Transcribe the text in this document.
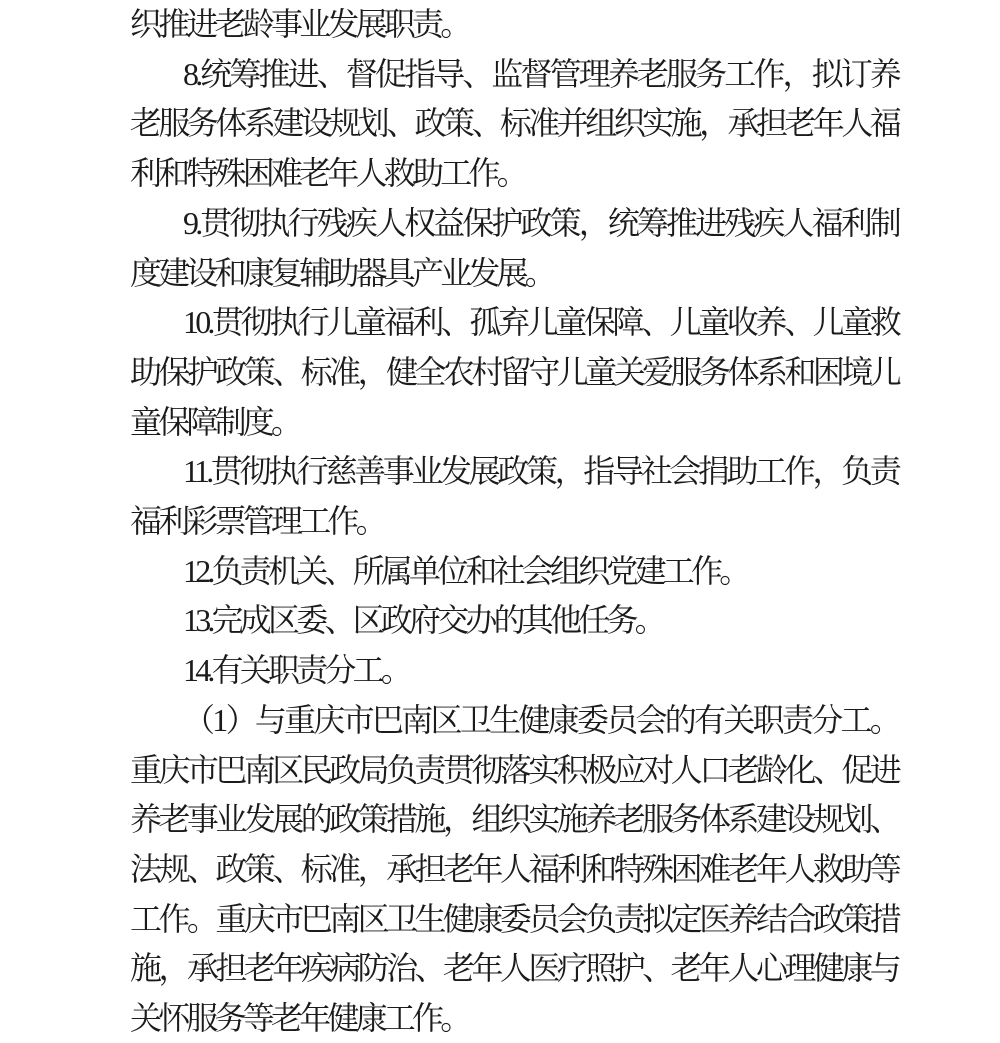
织推进老龄事业发展职责。

8.统筹推进、督促指导、监督管理养老服务工作，拟订养老服务体系建设规划、政策、标准并组织实施，承担老年人福利和特殊困难老年人救助工作。

9.贯彻执行残疾人权益保护政策，统筹推进残疾人福利制度建设和康复辅助器具产业发展。

10.贯彻执行儿童福利、孤弃儿童保障、儿童收养、儿童救助保护政策、标准，健全农村留守儿童关爱服务体系和困境儿童保障制度。

11.贯彻执行慈善事业发展政策，指导社会捐助工作，负责福利彩票管理工作。

12.负责机关、所属单位和社会组织党建工作。

13.完成区委、区政府交办的其他任务。

14.有关职责分工。

（1）与重庆市巴南区卫生健康委员会的有关职责分工。重庆市巴南区民政局负责贯彻落实积极应对人口老龄化、促进养老事业发展的政策措施，组织实施养老服务体系建设规划、法规、政策、标准，承担老年人福利和特殊困难老年人救助等工作。重庆市巴南区卫生健康委员会负责拟定医养结合政策措施，承担老年疾病防治、老年人医疗照护、老年人心理健康与关怀服务等老年健康工作。
